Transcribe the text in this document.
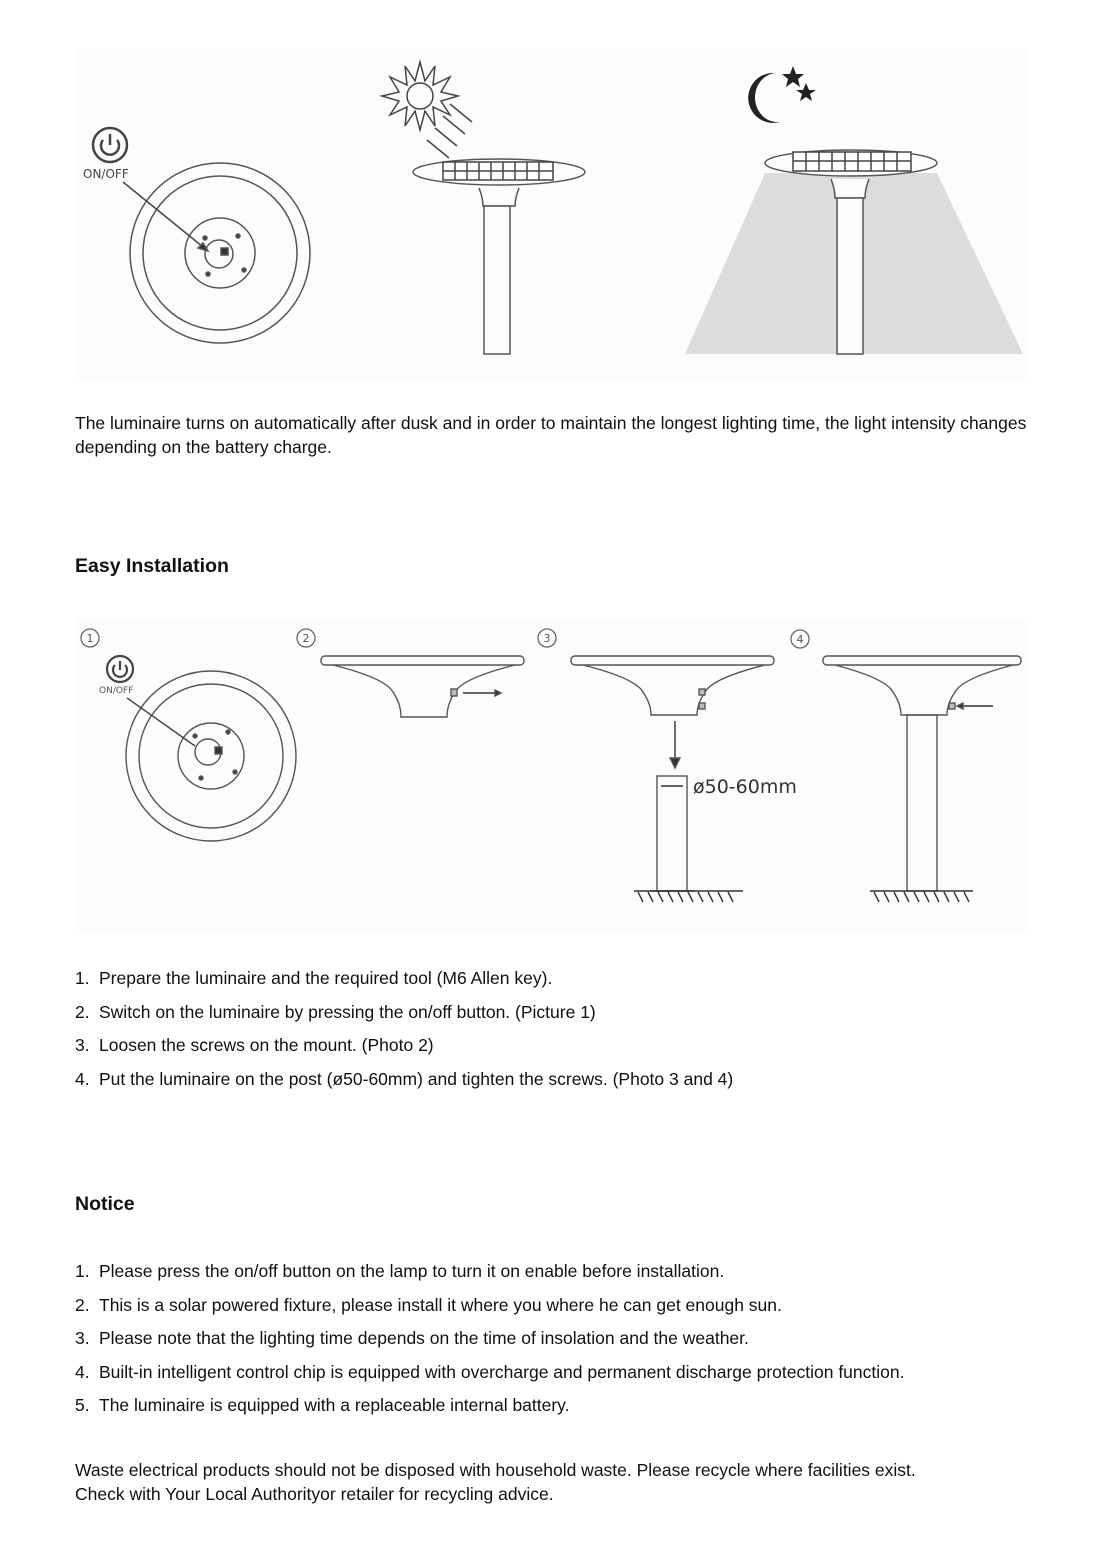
ON/OFF
The luminaire turns on automatically after dusk and in order to maintain the longest lighting time, the light intensity changes depending on the battery charge.
Easy Installation
1	2	3	4
ON/OFF
ø50-60mm
1. Prepare the luminaire and the required tool (M6 Allen key).
2. Switch on the luminaire by pressing the on/off button. (Picture 1)
3. Loosen the screws on the mount. (Photo 2)
4. Put the luminaire on the post (ø50-60mm) and tighten the screws. (Photo 3 and 4)
Notice
1. Please press the on/off button on the lamp to turn it on enable before installation.
2. This is a solar powered fixture, please install it where you where he can get enough sun.
3. Please note that the lighting time depends on the time of insolation and the weather.
4. Built-in intelligent control chip is equipped with overcharge and permanent discharge protection function.
5. The luminaire is equipped with a replaceable internal battery.
Waste electrical products should not be disposed with household waste. Please recycle where facilities exist.
Check with Your Local Authorityor retailer for recycling advice.
